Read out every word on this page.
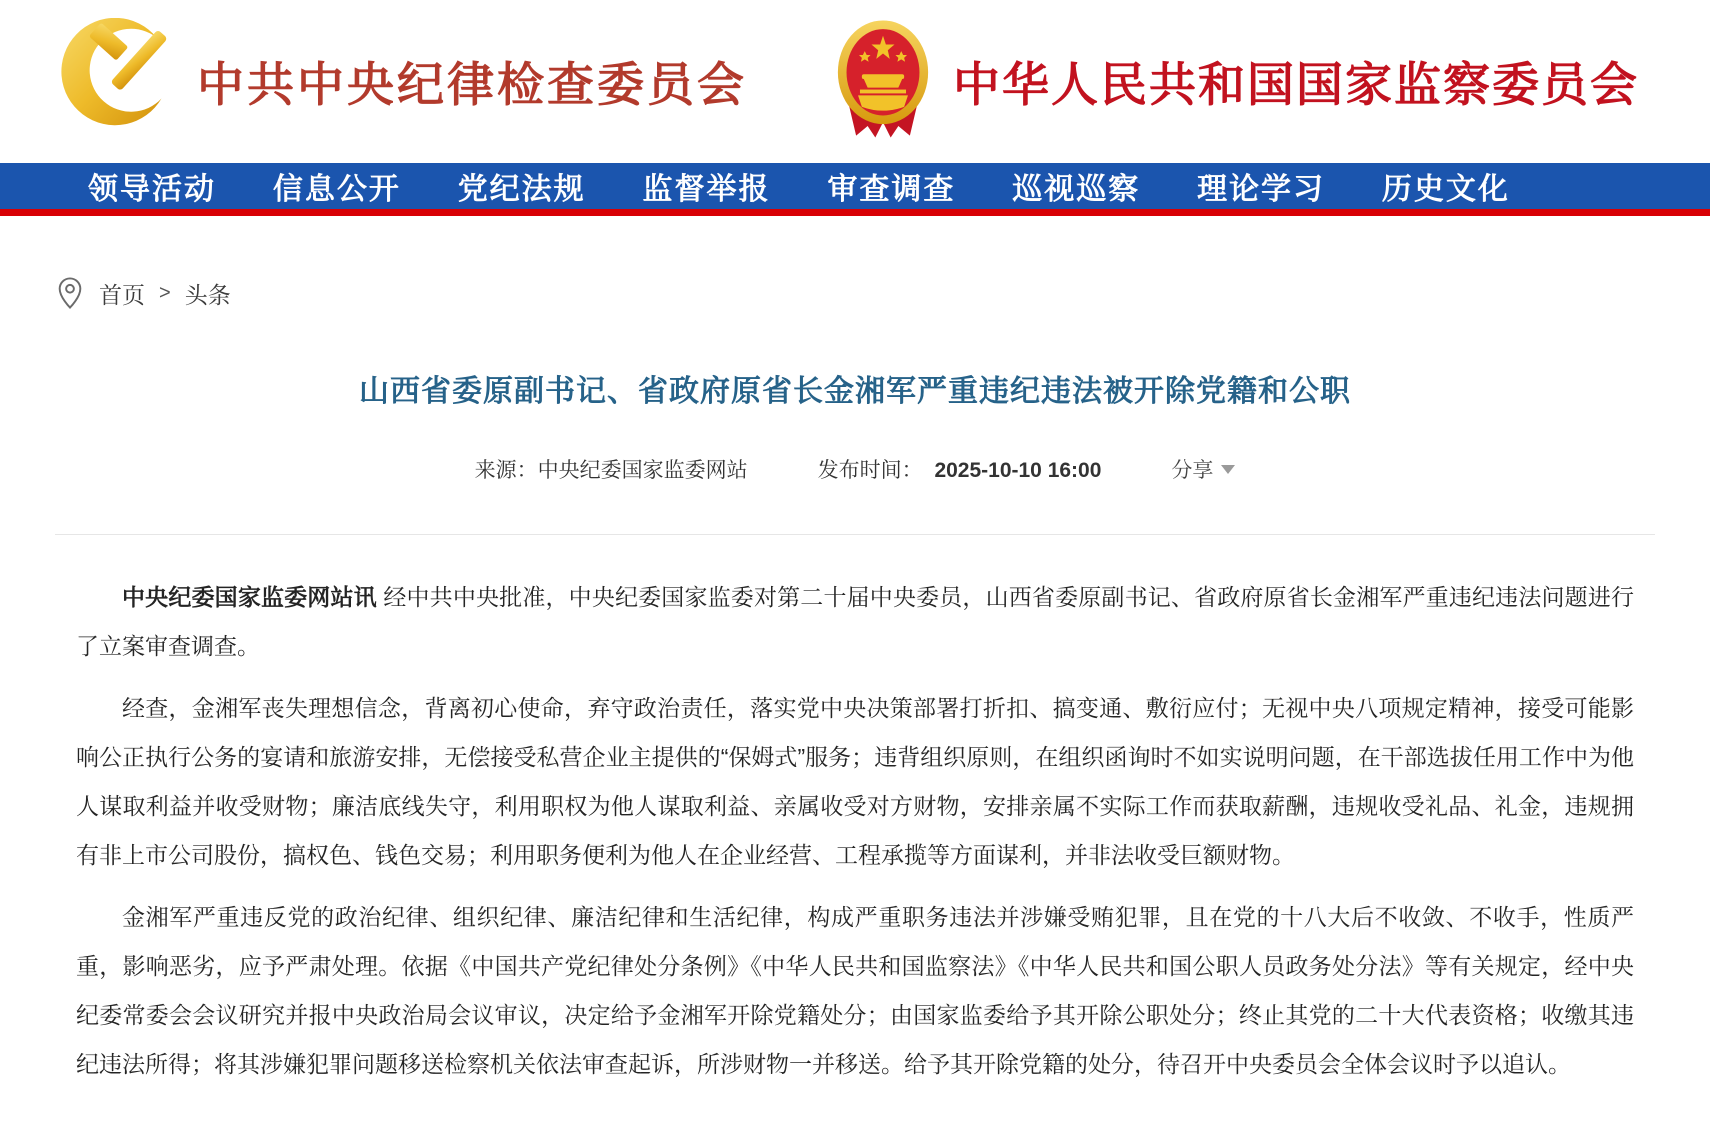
中共中央纪律检查委员会	中华人民共和国国家监察委员会
领导活动 信息公开 党纪法规 监督举报 审查调查 巡视巡察 理论学习 历史文化
首页 > 头条
山西省委原副书记、省政府原省长金湘军严重违纪违法被开除党籍和公职
来源：中央纪委国家监委网站	发布时间： 2025-10-10 16:00	分享

中央纪委国家监委网站讯 经中共中央批准，中央纪委国家监委对第二十届中央委员，山西省委原副书记、省政府原省长金湘军严重违纪违法问题进行了立案审查调查。

经查，金湘军丧失理想信念，背离初心使命，弃守政治责任，落实党中央决策部署打折扣、搞变通、敷衍应付；无视中央八项规定精神，接受可能影响公正执行公务的宴请和旅游安排，无偿接受私营企业主提供的“保姆式”服务；违背组织原则，在组织函询时不如实说明问题，在干部选拔任用工作中为他人谋取利益并收受财物；廉洁底线失守，利用职权为他人谋取利益、亲属收受对方财物，安排亲属不实际工作而获取薪酬，违规收受礼品、礼金，违规拥有非上市公司股份，搞权色、钱色交易；利用职务便利为他人在企业经营、工程承揽等方面谋利，并非法收受巨额财物。

金湘军严重违反党的政治纪律、组织纪律、廉洁纪律和生活纪律，构成严重职务违法并涉嫌受贿犯罪，且在党的十八大后不收敛、不收手，性质严重，影响恶劣，应予严肃处理。依据《中国共产党纪律处分条例》《中华人民共和国监察法》《中华人民共和国公职人员政务处分法》等有关规定，经中央纪委常委会会议研究并报中央政治局会议审议，决定给予金湘军开除党籍处分；由国家监委给予其开除公职处分；终止其党的二十大代表资格；收缴其违纪违法所得；将其涉嫌犯罪问题移送检察机关依法审查起诉，所涉财物一并移送。给予其开除党籍的处分，待召开中央委员会全体会议时予以追认。
